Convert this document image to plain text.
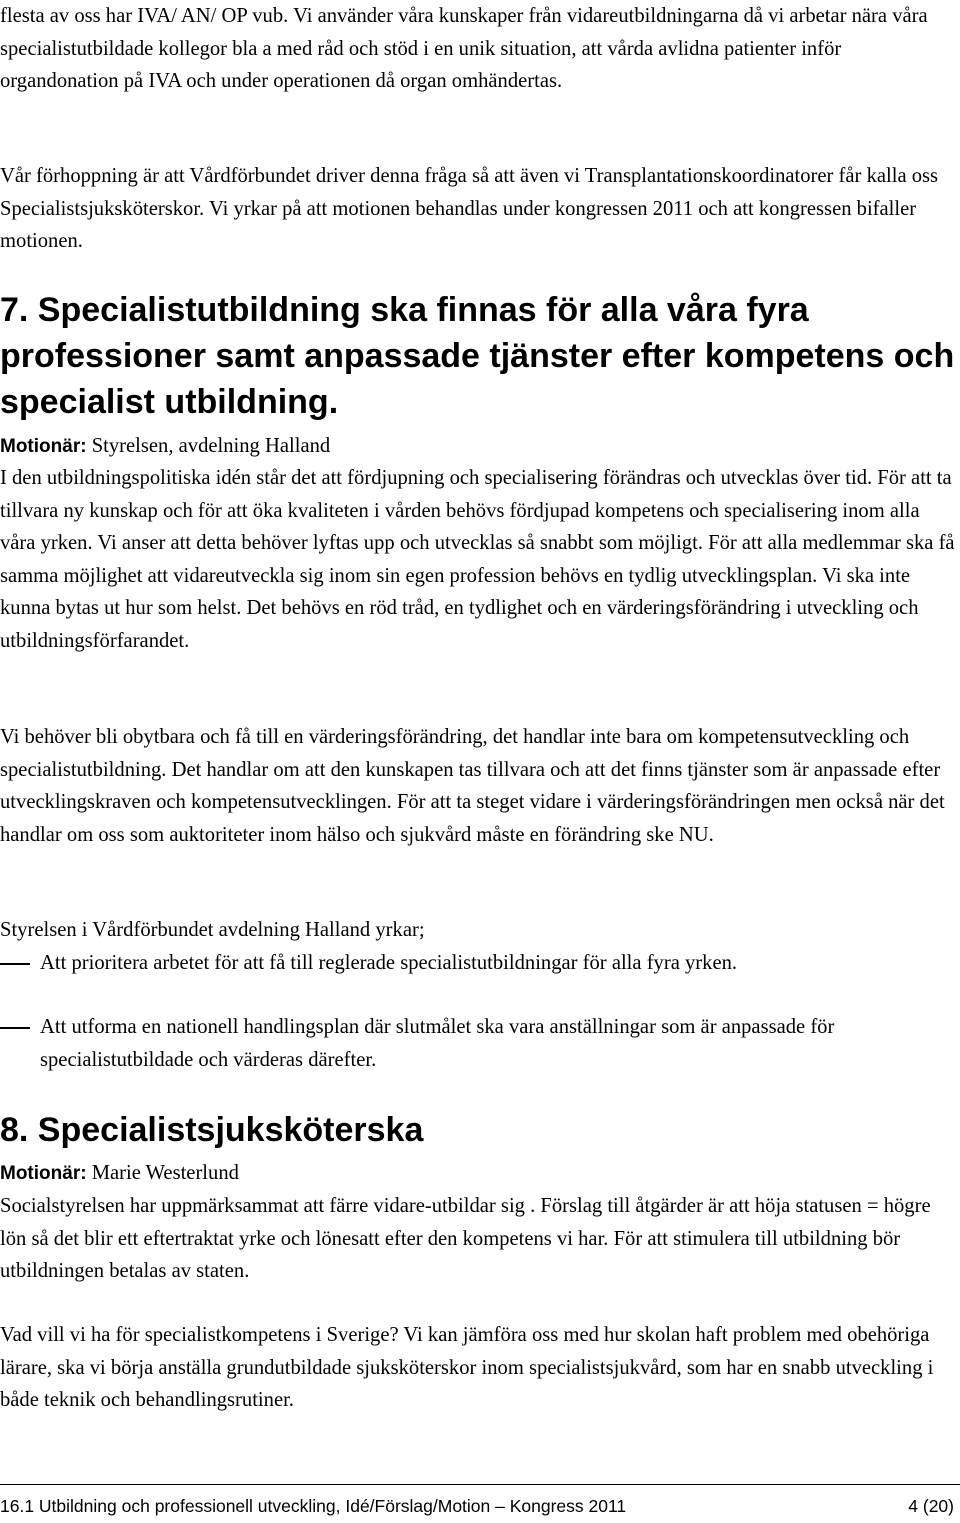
flesta av oss har IVA/ AN/ OP vub. Vi använder våra kunskaper från vidareutbildningarna då vi arbetar nära våra specialistutbildade kollegor bla a med råd och stöd i en unik situation, att vårda avlidna patienter inför organdonation på IVA och under operationen då organ omhändertas.

Vår förhoppning är att Vårdförbundet driver denna fråga så att även vi Transplantationskoordinatorer får kalla oss Specialistsjuksköterskor. Vi yrkar på att motionen behandlas under kongressen 2011 och att kongressen bifaller motionen.

7. Specialistutbildning ska finnas för alla våra fyra professioner samt anpassade tjänster efter kompetens och specialist utbildning.

Motionär: Styrelsen, avdelning Halland

I den utbildningspolitiska idén står det att fördjupning och specialisering förändras och utvecklas över tid. För att ta tillvara ny kunskap och för att öka kvaliteten i vården behövs fördjupad kompetens och specialisering inom alla våra yrken. Vi anser att detta behöver lyftas upp och utvecklas så snabbt som möjligt. För att alla medlemmar ska få samma möjlighet att vidareutveckla sig inom sin egen profession behövs en tydlig utvecklingsplan. Vi ska inte kunna bytas ut hur som helst. Det behövs en röd tråd, en tydlighet och en värderingsförändring i utveckling och utbildningsförfarandet.

Vi behöver bli obytbara och få till en värderingsförändring, det handlar inte bara om kompetensutveckling och specialistutbildning. Det handlar om att den kunskapen tas tillvara och att det finns tjänster som är anpassade efter utvecklingskraven och kompetensutvecklingen. För att ta steget vidare i värderingsförändringen men också när det handlar om oss som auktoriteter inom hälso och sjukvård måste en förändring ske NU.

Styrelsen i Vårdförbundet avdelning Halland yrkar;

Att prioritera arbetet för att få till reglerade specialistutbildningar för alla fyra yrken.
Att utforma en nationell handlingsplan där slutmålet ska vara anställningar som är anpassade för specialistutbildade och värderas därefter.
8. Specialistsjuksköterska

Motionär: Marie Westerlund

Socialstyrelsen har uppmärksammat att färre vidare-utbildar sig . Förslag till åtgärder är att höja statusen = högre lön så det blir ett eftertraktat yrke och lönesatt efter den kompetens vi har. För att stimulera till utbildning bör utbildningen betalas av staten.

Vad vill vi ha för specialistkompetens i Sverige? Vi kan jämföra oss med hur skolan haft problem med obehöriga lärare, ska vi börja anställa grundutbildade sjuksköterskor inom specialistsjukvård, som har en snabb utveckling i både teknik och behandlingsrutiner.

16.1 Utbildning och professionell utveckling, Idé/Förslag/Motion – Kongress 2011	4 (20)
